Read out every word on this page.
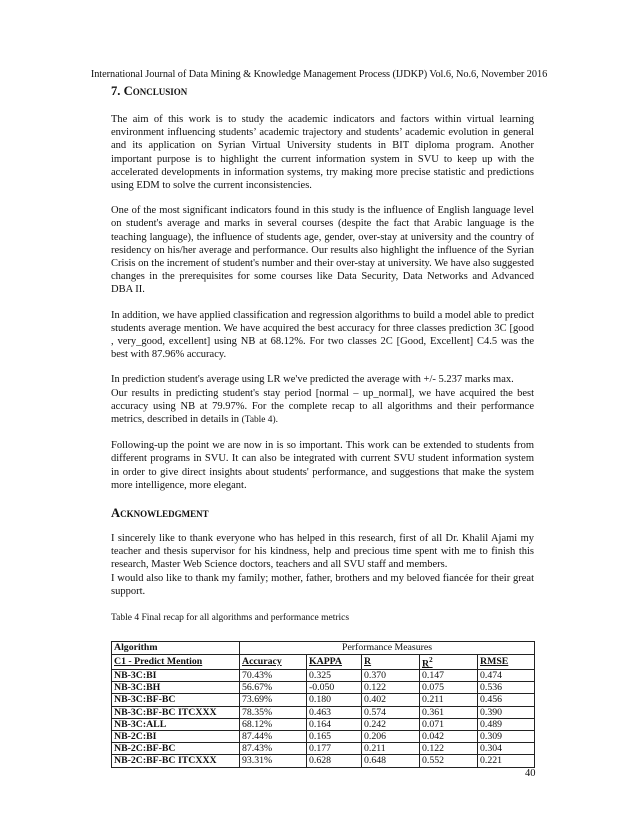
International Journal of Data Mining & Knowledge Management Process (IJDKP) Vol.6, No.6, November 2016
7. Conclusion

The aim of this work is to study the academic indicators and factors within virtual learning environment influencing students’ academic trajectory and students’ academic evolution in general and its application on Syrian Virtual University students in BIT diploma program. Another important purpose is to highlight the current information system in SVU to keep up with the accelerated developments in information systems, try making more precise statistic and predictions using EDM to solve the current inconsistencies.

One of the most significant indicators found in this study is the influence of English language level on student's average and marks in several courses (despite the fact that Arabic language is the teaching language), the influence of students age, gender, over-stay at university and the country of residency on his/her average and performance. Our results also highlight the influence of the Syrian Crisis on the increment of student's number and their over-stay at university. We have also suggested changes in the prerequisites for some courses like Data Security, Data Networks and Advanced DBA II.

In addition, we have applied classification and regression algorithms to build a model able to predict students average mention. We have acquired the best accuracy for three classes prediction 3C [good , very_good, excellent] using NB at 68.12%. For two classes 2C [Good, Excellent] C4.5 was the best with 87.96% accuracy.

In prediction student's average using LR we've predicted the average with +/- 5.237 marks max.

Our results in predicting student's stay period [normal – up_normal], we have acquired the best accuracy using NB at 79.97%. For the complete recap to all algorithms and their performance metrics, described in details in (Table 4).

Following-up the point we are now in is so important. This work can be extended to students from different programs in SVU. It can also be integrated with current SVU student information system in order to give direct insights about students' performance, and suggestions that make the system more intelligence, more elegant.

Acknowledgment

I sincerely like to thank everyone who has helped in this research, first of all Dr. Khalil Ajami my teacher and thesis supervisor for his kindness, help and precious time spent with me to finish this research, Master Web Science doctors, teachers and all SVU staff and members.

I would also like to thank my family; mother, father, brothers and my beloved fiancée for their great support.

Table 4 Final recap for all algorithms and performance metrics

Algorithm	Performance Measures				
C1 - Predict Mention	Accuracy	KAPPA	R	$R^2$	RMSE
NB-3C:BI	70.43%	0.325	0.370	0.147	0.474
NB-3C:BH	56.67%	-0.050	0.122	0.075	0.536
NB-3C:BF-BC	73.69%	0.180	0.402	0.211	0.456
NB-3C:BF-BC ITCXXX	78.35%	0.463	0.574	0.361	0.390
NB-3C:ALL	68.12%	0.164	0.242	0.071	0.489
NB-2C:BI	87.44%	0.165	0.206	0.042	0.309
NB-2C:BF-BC	87.43%	0.177	0.211	0.122	0.304
NB-2C:BF-BC ITCXXX	93.31%	0.628	0.648	0.552	0.221
40
